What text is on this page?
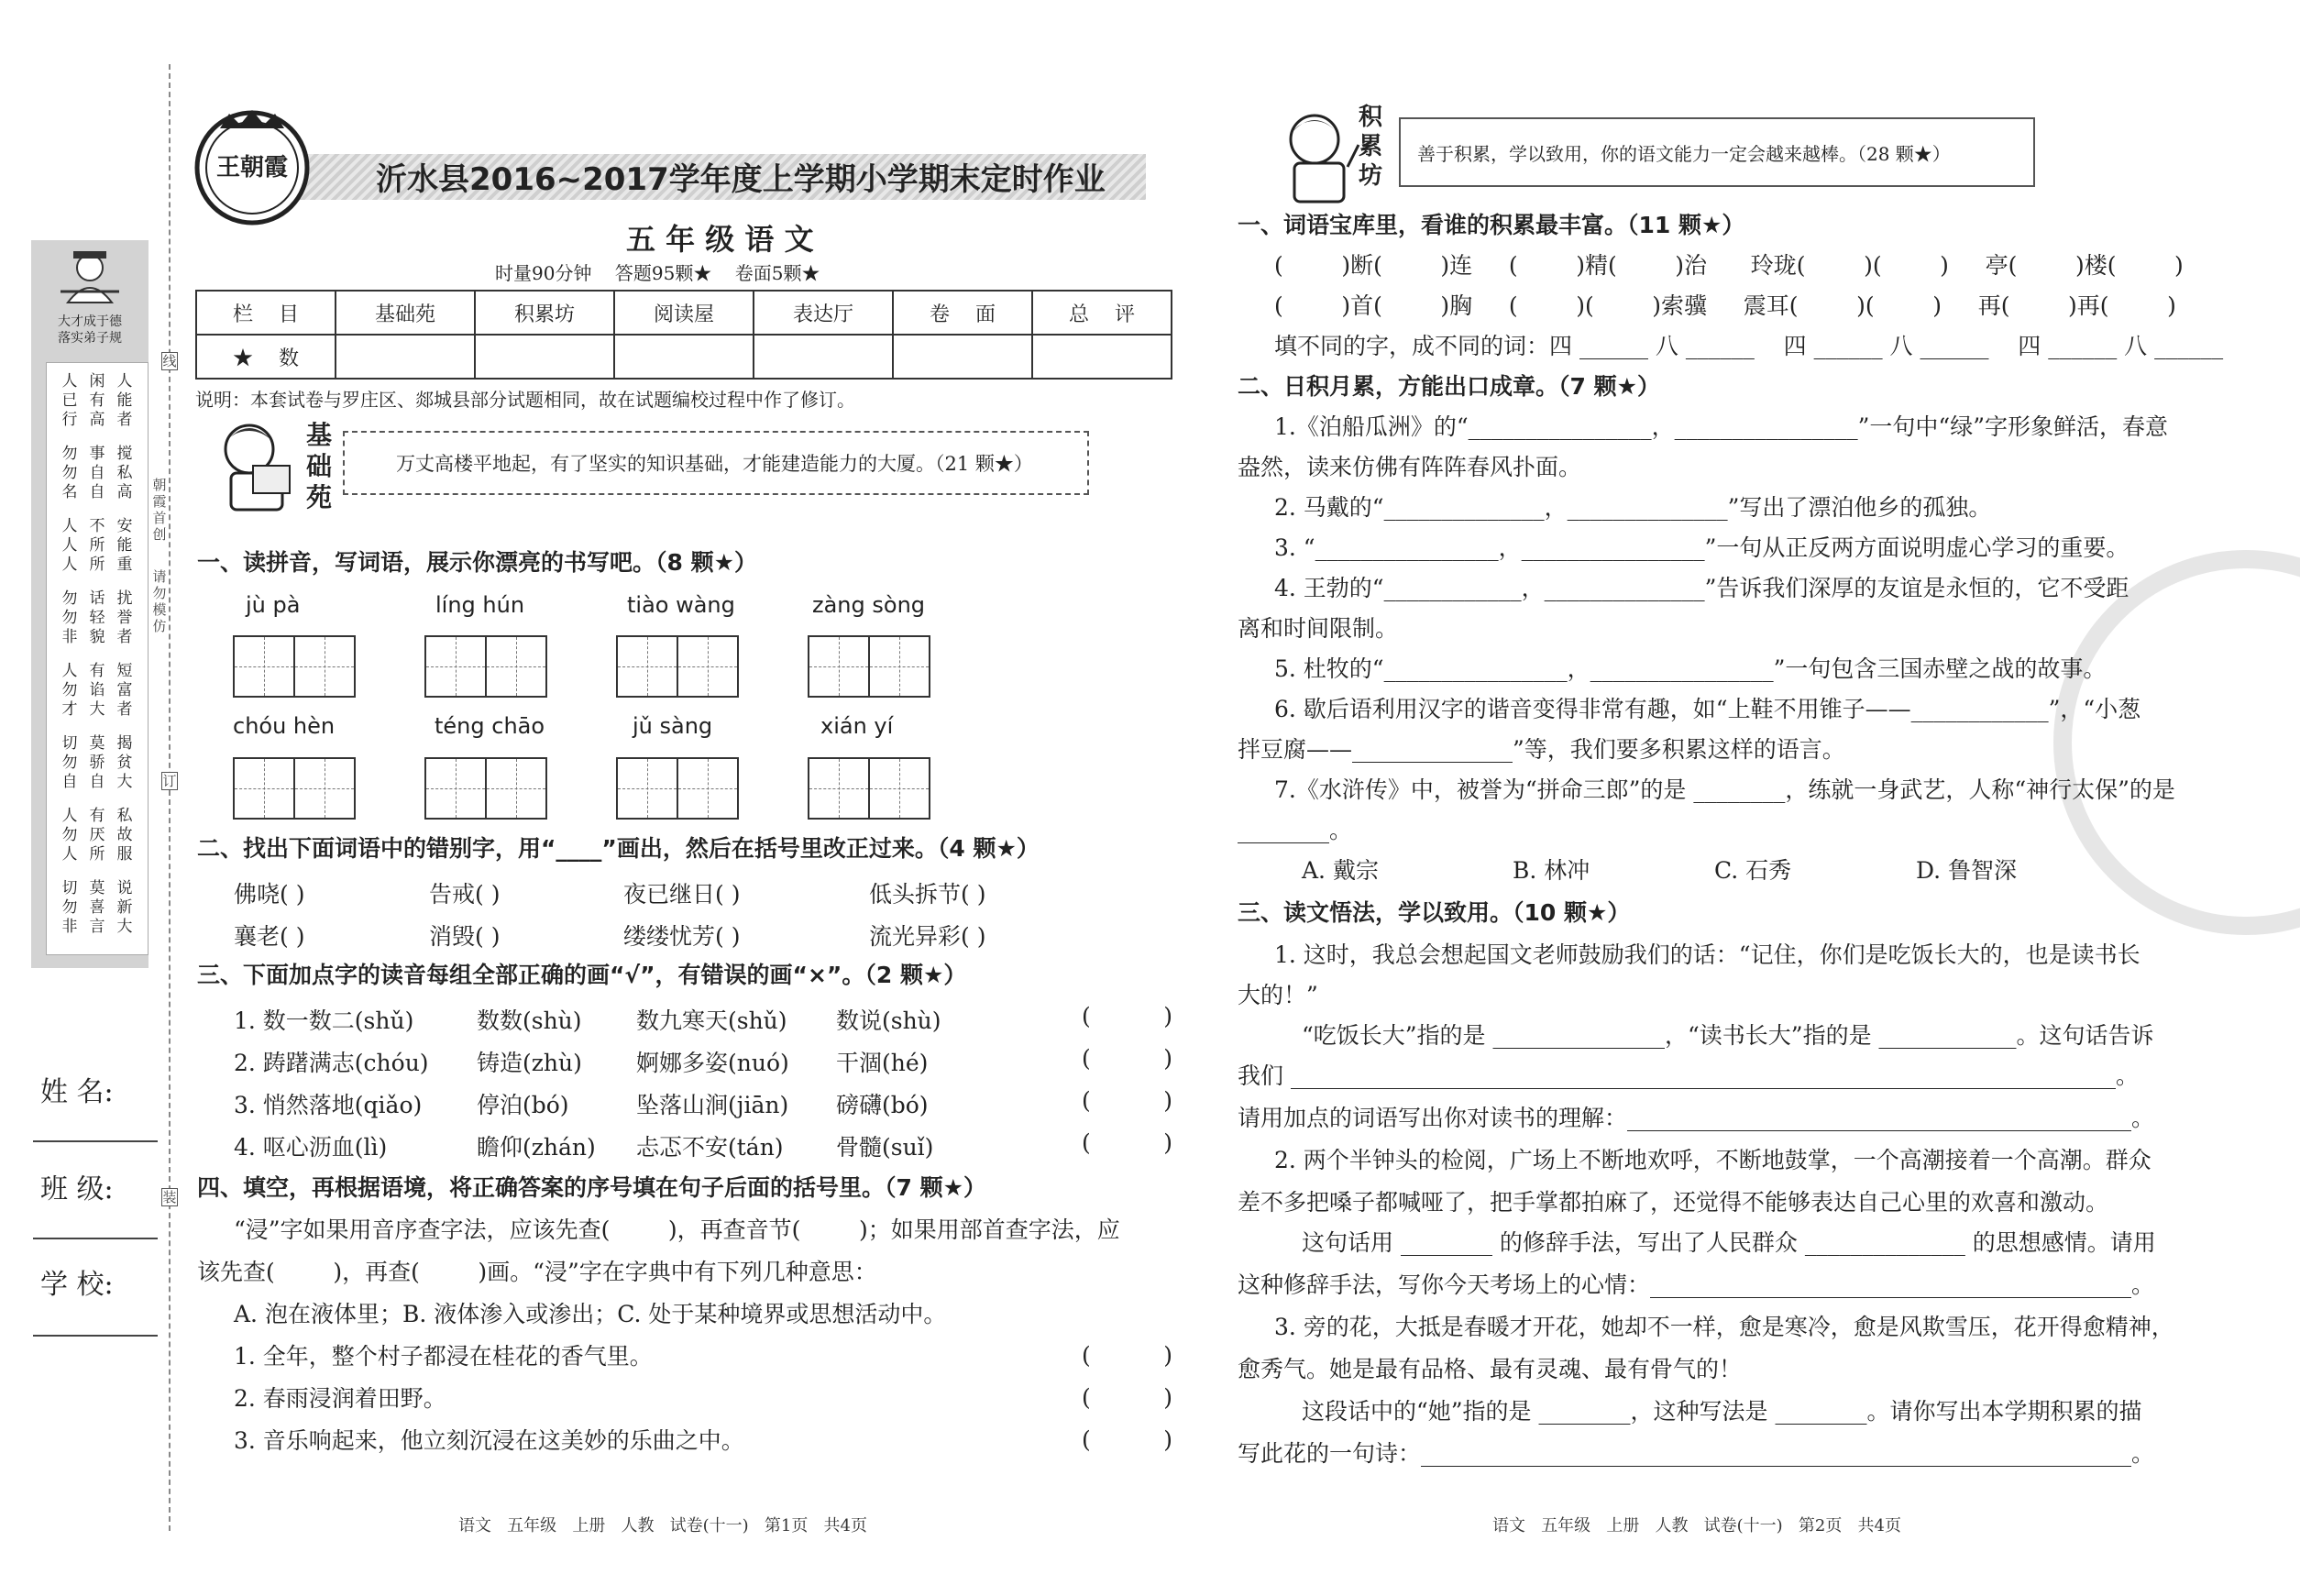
大才成于德
落实弟子规
人已行
闲有高
人能者
勿勿名
事自自
搅私高
人人人
不所所
安能重
勿勿非
话轻貌
扰誉者
人勿才
有谄大
短富者
切勿自
莫骄自
揭贫大
人勿人
有厌所
私故服
切勿非
莫喜言
说新大
朝霞首创
请勿模仿
线
订
装
姓 名:
班 级:
学 校:
王朝霞	沂水县2016~2017学年度上学期小学期末定时作业
五 年 级 语 文
时量90分钟    答题95颗★    卷面5颗★
栏    目	基础苑	积累坊	阅读屋	表达厅	卷    面	总    评
★    数						
说明：本套试卷与罗庄区、郯城县部分试题相同，故在试题编校过程中作了修订。
基础苑
万丈高楼平地起，有了坚实的知识基础，才能建造能力的大厦。（21 颗★）
一、读拼音，写词语，展示你漂亮的书写吧。（8 颗★）
jù pà	líng hún	tiào wàng	zàng sòng
chóu hèn	téng chāo	jǔ sàng	xián yí
二、找出下面词语中的错别字，用“____”画出，然后在括号里改正过来。（4 颗★）
佛哓( )	告戒( )	夜已继日( )	低头拆节( )
襄老( )	消毁( )	缕缕忧芳( )	流光异彩( )
三、下面加点字的读音每组全部正确的画“√”，有错误的画“×”。（2 颗★）
1. 数一数二(shǔ)	数数(shù) 数九寒天(shǔ) 数说(shù)	(          )
2. 踌躇满志(chóu) 铸造(zhù) 婀娜多姿(nuó) 干涸(hé)	(          )
3. 悄然落地(qiǎo) 停泊(bó)	坠落山涧(jiān) 磅礴(bó)	(          )
4. 呕心沥血(lì)	瞻仰(zhán) 忐忑不安(tán) 骨髓(suǐ)	(          )
四、填空，再根据语境，将正确答案的序号填在句子后面的括号里。（7 颗★）
“浸”字如果用音序查字法，应该先查(        )，再查音节(        )；如果用部首查字法，应
该先查(        )，再查(        )画。“浸”字在字典中有下列几种意思：
A. 泡在液体里；B. 液体渗入或渗出；C. 处于某种境界或思想活动中。
1. 全年，整个村子都浸在桂花的香气里。	(          )
2. 春雨浸润着田野。	(          )
3. 音乐响起来，他立刻沉浸在这美妙的乐曲之中。	(          )
语文   五年级   上册   人教   试卷(十一)   第1页   共4页
积累坊
善于积累，学以致用，你的语文能力一定会越来越棒。（28 颗★）
一、词语宝库里，看谁的积累最丰富。（11 颗★）
(        )断(        )连     (        )精(        )治      玲珑(        )(        )     亭(        )楼(        )
(        )首(        )胸     (        )(        )索骥     震耳(        )(        )     再(        )再(        )
填不同的字，成不同的词：四 ______ 八 ______    四 ______ 八 ______    四 ______ 八 ______
二、日积月累，方能出口成章。（7 颗★）
1.《泊船瓜洲》的“________________，________________”一句中“绿”字形象鲜活，春意
盎然，读来仿佛有阵阵春风扑面。
2. 马戴的“______________，______________”写出了漂泊他乡的孤独。
3. “________________，________________”一句从正反两方面说明虚心学习的重要。
4. 王勃的“____________，______________”告诉我们深厚的友谊是永恒的，它不受距
离和时间限制。
5. 杜牧的“________________，________________”一句包含三国赤壁之战的故事。
6. 歇后语利用汉字的谐音变得非常有趣，如“上鞋不用锥子——____________”，“小葱
拌豆腐——______________”等，我们要多积累这样的语言。
7.《水浒传》中，被誉为“拼命三郎”的是 ________，练就一身武艺，人称“神行太保”的是
________。
A. 戴宗	B. 林冲	C. 石秀	D. 鲁智深
三、读文悟法，学以致用。（10 颗★）
1. 这时，我总会想起国文老师鼓励我们的话：“记住，你们是吃饭长大的，也是读书长
大的！”
“吃饭长大”指的是 _______________，“读书长大”指的是 ____________。这句话告诉
我们 ________________________________________________________________________。
请用加点的词语写出你对读书的理解：____________________________________________。
2. 两个半钟头的检阅，广场上不断地欢呼，不断地鼓掌，一个高潮接着一个高潮。群众
差不多把嗓子都喊哑了，把手掌都拍麻了，还觉得不能够表达自己心里的欢喜和激动。
这句话用 ________ 的修辞手法，写出了人民群众 ______________ 的思想感情。请用
这种修辞手法，写你今天考场上的心情：__________________________________________。
3. 旁的花，大抵是春暖才开花，她却不一样，愈是寒冷，愈是风欺雪压，花开得愈精神，
愈秀气。她是最有品格、最有灵魂、最有骨气的！
这段话中的“她”指的是 ________，这种写法是 ________。请你写出本学期积累的描
写此花的一句诗：______________________________________________________________。
语文   五年级   上册   人教   试卷(十一)   第2页   共4页
